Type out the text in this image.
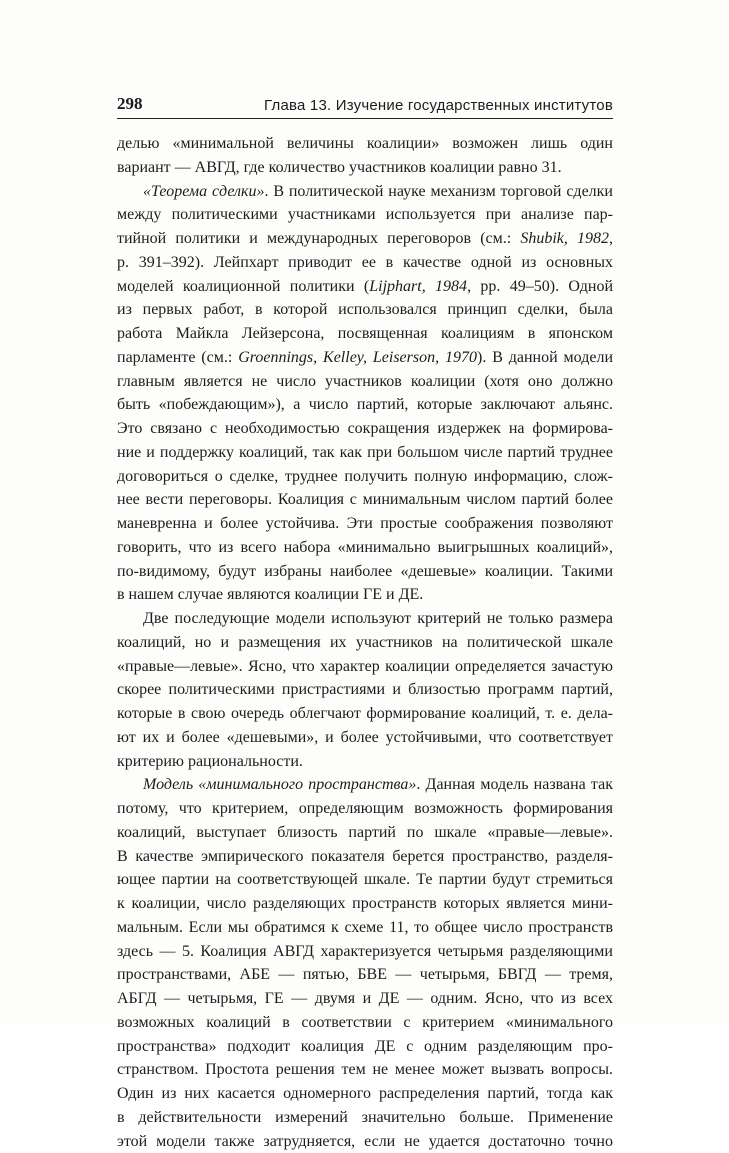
298	Глава 13. Изучение государственных институтов
делью «минимальной величины коалиции» возможен лишь один
вариант — АВГД, где количество участников коалиции равно 31.
«Теорема сделки». В политической науке механизм торговой сделки
между политическими участниками используется при анализе пар-
тийной политики и международных переговоров (см.: Shubik, 1982,
p. 391–392). Лейпхарт приводит ее в качестве одной из основных
моделей коалиционной политики (Lijphart, 1984, pp. 49–50). Одной
из первых работ, в которой использовался принцип сделки, была
работа Майкла Лейзерсона, посвященная коалициям в японском
парламенте (см.: Groennings, Kelley, Leiserson, 1970). В данной модели
главным является не число участников коалиции (хотя оно должно
быть «побеждающим»), а число партий, которые заключают альянс.
Это связано с необходимостью сокращения издержек на формирова-
ние и поддержку коалиций, так как при большом числе партий труднее
договориться о сделке, труднее получить полную информацию, слож-
нее вести переговоры. Коалиция с минимальным числом партий более
маневренна и более устойчива. Эти простые соображения позволяют
говорить, что из всего набора «минимально выигрышных коалиций»,
по-видимому, будут избраны наиболее «дешевые» коалиции. Такими
в нашем случае являются коалиции ГЕ и ДЕ.
Две последующие модели используют критерий не только размера
коалиций, но и размещения их участников на политической шкале
«правые—левые». Ясно, что характер коалиции определяется зачастую
скорее политическими пристрастиями и близостью программ партий,
которые в свою очередь облегчают формирование коалиций, т. е. дела-
ют их и более «дешевыми», и более устойчивыми, что соответствует
критерию рациональности.
Модель «минимального пространства». Данная модель названа так
потому, что критерием, определяющим возможность формирования
коалиций, выступает близость партий по шкале «правые—левые».
В качестве эмпирического показателя берется пространство, разделя-
ющее партии на соответствующей шкале. Те партии будут стремиться
к коалиции, число разделяющих пространств которых является мини-
мальным. Если мы обратимся к схеме 11, то общее число пространств
здесь — 5. Коалиция АВГД характеризуется четырьмя разделяющими
пространствами, АБЕ — пятью, БВЕ — четырьмя, БВГД — тремя,
АБГД — четырьмя, ГЕ — двумя и ДЕ — одним. Ясно, что из всех
возможных коалиций в соответствии с критерием «минимального
пространства» подходит коалиция ДЕ с одним разделяющим про-
странством. Простота решения тем не менее может вызвать вопросы.
Один из них касается одномерного распределения партий, тогда как
в действительности измерений значительно больше. Применение
этой модели также затрудняется, если не удается достаточно точно
